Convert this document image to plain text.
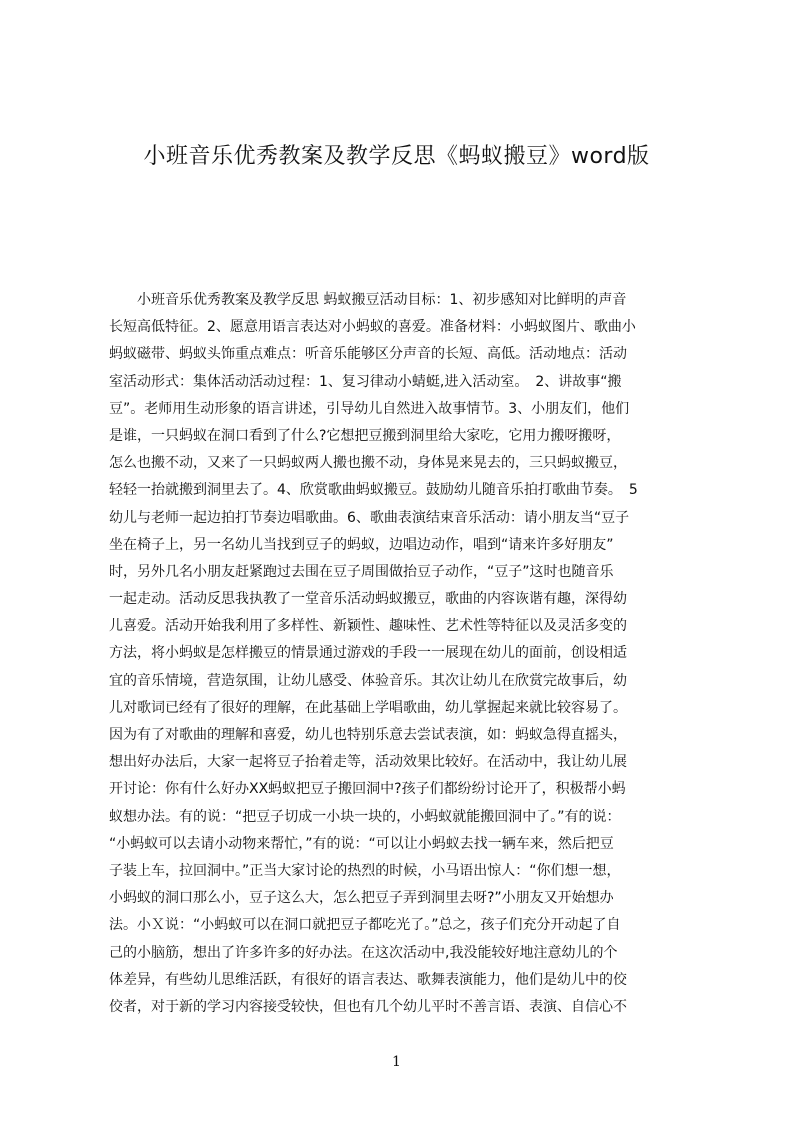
小班音乐优秀教案及教学反思《蚂蚁搬豆》word版
　　小班音乐优秀教案及教学反思 蚂蚁搬豆活动目标：1、初步感知对比鲜明的声音
长短高低特征。2、愿意用语言表达对小蚂蚁的喜爱。准备材料：小蚂蚁图片、歌曲小
蚂蚁磁带、蚂蚁头饰重点难点：听音乐能够区分声音的长短、高低。活动地点：活动
室活动形式：集体活动活动过程：1、复习律动小蜻蜓,进入活动室。　2、讲故事“搬
豆”。老师用生动形象的语言讲述，引导幼儿自然进入故事情节。3、小朋友们，他们
是谁，一只蚂蚁在洞口看到了什么?它想把豆搬到洞里给大家吃，它用力搬呀搬呀，
怎么也搬不动，又来了一只蚂蚁两人搬也搬不动，身体晃来晃去的，三只蚂蚁搬豆，
轻轻一抬就搬到洞里去了。4、欣赏歌曲蚂蚁搬豆。鼓励幼儿随音乐拍打歌曲节奏。　5
幼儿与老师一起边拍打节奏边唱歌曲。6、歌曲表演结束音乐活动：请小朋友当“豆子
坐在椅子上，另一名幼儿当找到豆子的蚂蚁，边唱边动作，唱到“请来许多好朋友”
时，另外几名小朋友赶紧跑过去围在豆子周围做抬豆子动作，“豆子”这时也随音乐
一起走动。活动反思我执教了一堂音乐活动蚂蚁搬豆，歌曲的内容诙谐有趣，深得幼
儿喜爱。活动开始我利用了多样性、新颖性、趣味性、艺术性等特征以及灵活多变的
方法，将小蚂蚁是怎样搬豆的情景通过游戏的手段一一展现在幼儿的面前，创设相适
宜的音乐情境，营造氛围，让幼儿感受、体验音乐。其次让幼儿在欣赏完故事后，幼
儿对歌词已经有了很好的理解，在此基础上学唱歌曲，幼儿掌握起来就比较容易了。
因为有了对歌曲的理解和喜爱，幼儿也特别乐意去尝试表演，如：蚂蚁急得直摇头，
想出好办法后，大家一起将豆子抬着走等，活动效果比较好。在活动中，我让幼儿展
开讨论：你有什么好办XX蚂蚁把豆子搬回洞中?孩子们都纷纷讨论开了，积极帮小蚂
蚁想办法。有的说：“把豆子切成一小块一块的，小蚂蚁就能搬回洞中了。”有的说：
“小蚂蚁可以去请小动物来帮忙，”有的说：“可以让小蚂蚁去找一辆车来，然后把豆
子装上车，拉回洞中。”正当大家讨论的热烈的时候，小马语出惊人：“你们想一想，
小蚂蚁的洞口那么小，豆子这么大，怎么把豆子弄到洞里去呀?”小朋友又开始想办
法。小Ｘ说：“小蚂蚁可以在洞口就把豆子都吃光了。”总之，孩子们充分开动起了自
己的小脑筋，想出了许多许多的好办法。在这次活动中,我没能较好地注意幼儿的个
体差异，有些幼儿思维活跃，有很好的语言表达、歌舞表演能力，他们是幼儿中的佼
佼者，对于新的学习内容接受较快，但也有几个幼儿平时不善言语、表演、自信心不
1
